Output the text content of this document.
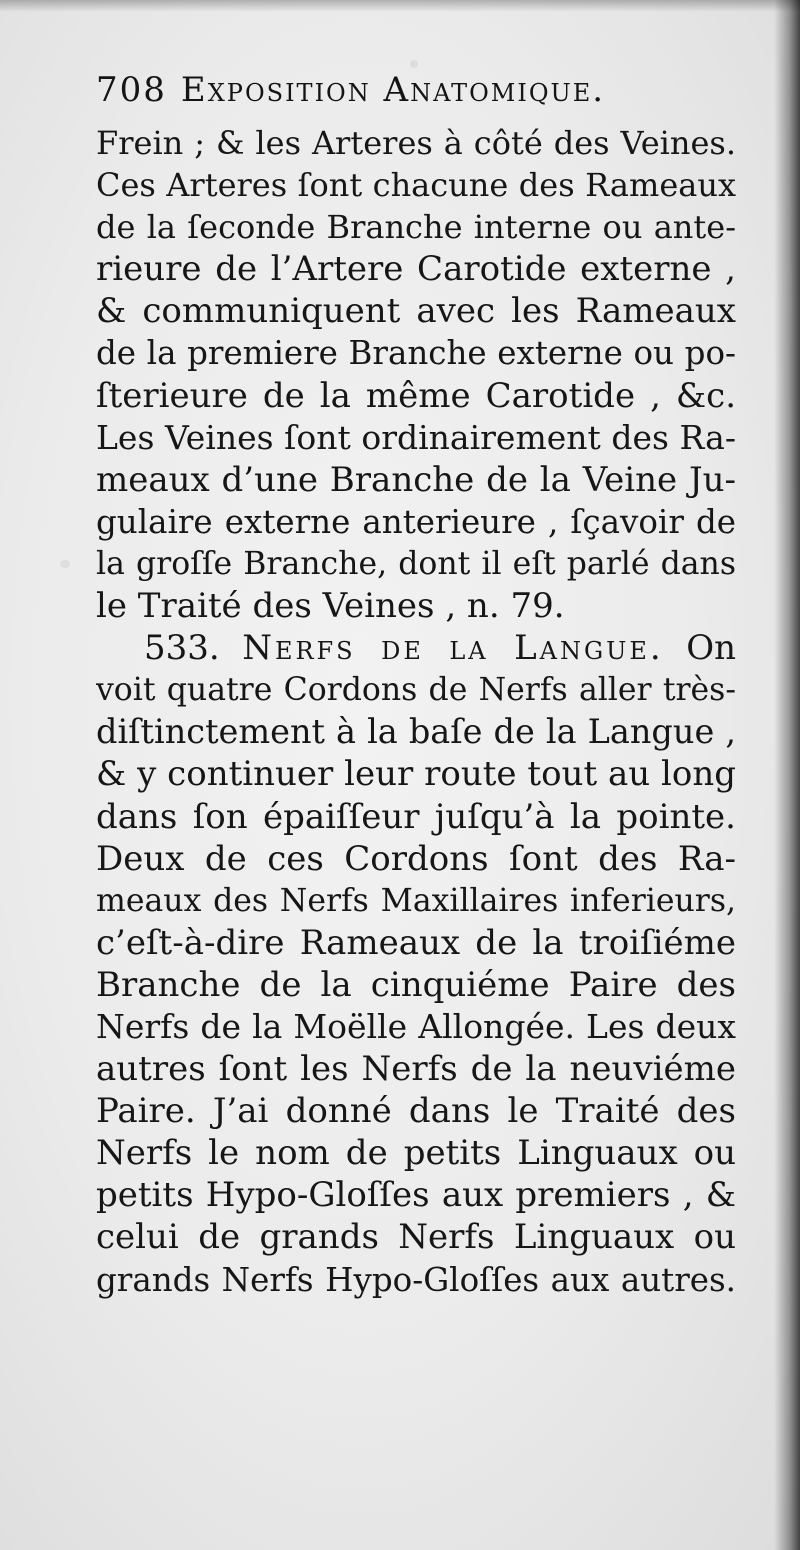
708 Exposition Anatomique.
Frein ; & les Arteres à côté des Veines.
Ces Arteres ſont chacune des Rameaux
de la ſeconde Branche interne ou ante-
rieure de l’Artere Carotide externe ,
& communiquent avec les Rameaux
de la premiere Branche externe ou po-
ſterieure de la même Carotide , &c.
Les Veines ſont ordinairement des Ra-
meaux d’une Branche de la Veine Ju-
gulaire externe anterieure , ſçavoir de
la groſſe Branche, dont il eſt parlé dans
le Traité des Veines , n. 79.
533. Nerfs de la Langue. On
voit quatre Cordons de Nerfs aller très-
diſtinctement à la baſe de la Langue ,
& y continuer leur route tout au long
dans ſon épaiſſeur juſqu’à la pointe.
Deux de ces Cordons ſont des Ra-
meaux des Nerfs Maxillaires inferieurs,
c’eſt-à-dire Rameaux de la troiſiéme
Branche de la cinquiéme Paire des
Nerfs de la Moëlle Allongée. Les deux
autres ſont les Nerfs de la neuviéme
Paire. J’ai donné dans le Traité des
Nerfs le nom de petits Linguaux ou
petits Hypo-Gloſſes aux premiers , &
celui de grands Nerfs Linguaux ou
grands Nerfs Hypo-Gloſſes aux autres.
